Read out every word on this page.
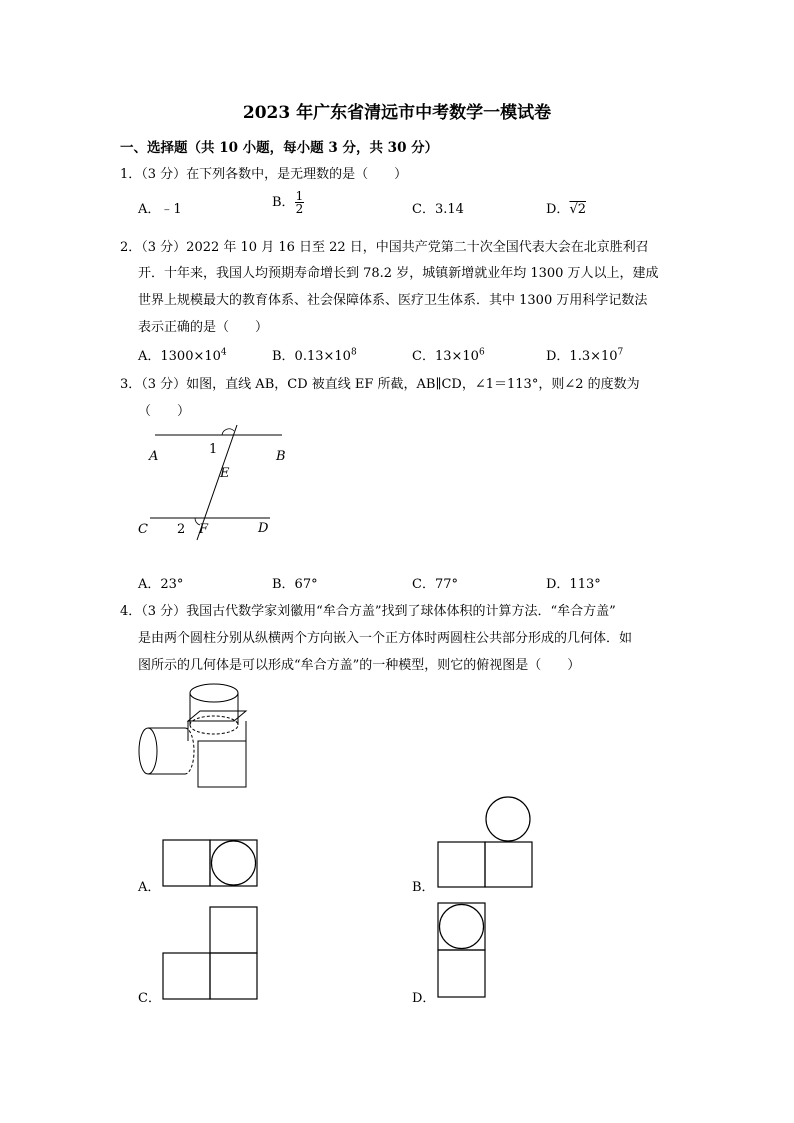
2023 年广东省清远市中考数学一模试卷
一、选择题（共 10 小题，每小题 3 分，共 30 分）
1．（3 分）在下列各数中，是无理数的是（　　）
A．﹣1	B． $\frac{1}{2}$	C．3.14	D．√2
2．（3 分）2022 年 10 月 16 日至 22 日，中国共产党第二十次全国代表大会在北京胜利召
开．十年来，我国人均预期寿命增长到 78.2 岁，城镇新增就业年均 1300 万人以上，建成
世界上规模最大的教育体系、社会保障体系、医疗卫生体系．其中 1300 万用科学记数法
表示正确的是（　　）
A．$1300\times 10^4$	B．$0.13\times 10^8$	C．$13\times 10^6$	D．$1.3\times 10^7$
3．（3 分）如图，直线 AB，CD 被直线 EF 所截，AB∥CD，∠1＝113°，则∠2 的度数为
（　　）
A	B
E
1
C 2 F	D
A．23°	B．67°	C．77°	D．113°
4．（3 分）我国古代数学家刘徽用“牟合方盖”找到了球体体积的计算方法．“牟合方盖”
是由两个圆柱分别从纵横两个方向嵌入一个正方体时两圆柱公共部分形成的几何体．如
图所示的几何体是可以形成“牟合方盖”的一种模型，则它的俯视图是（　　）
A．	B．
C．	D．
